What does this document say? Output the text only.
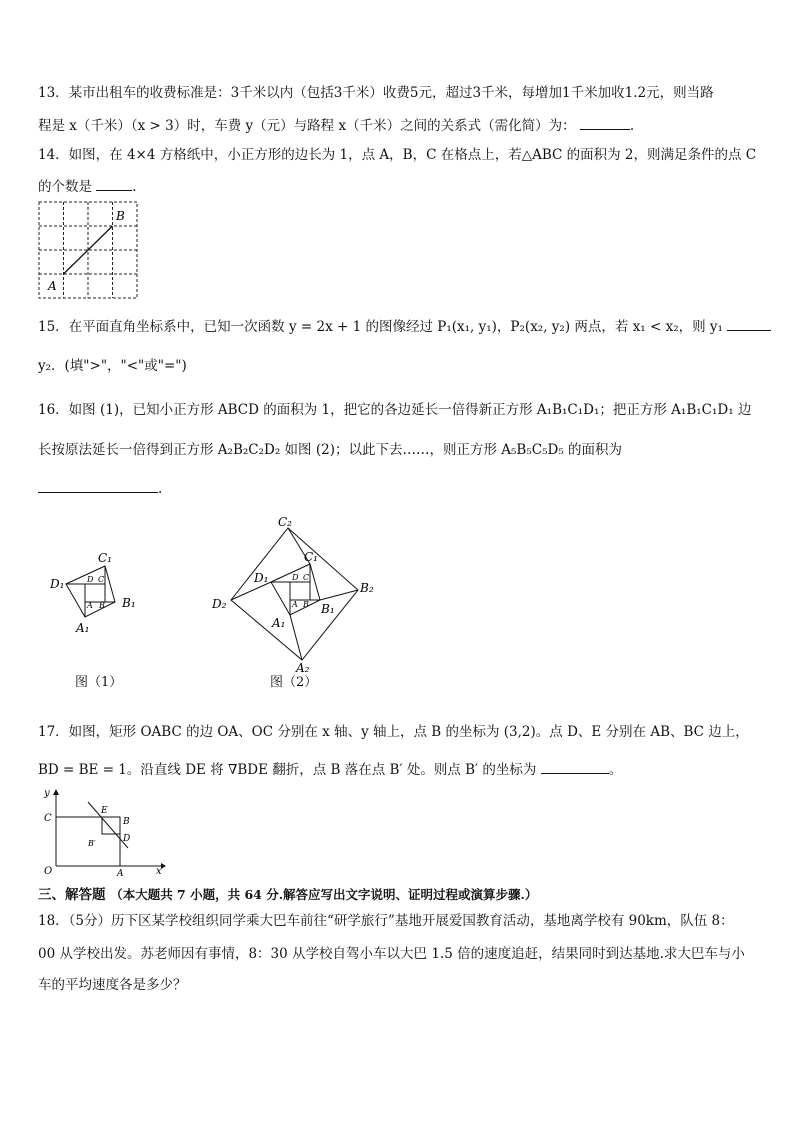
13．某市出租车的收费标准是：3千米以内（包括3千米）收费5元，超过3千米，每增加1千米加收1.2元，则当路
程是 x（千米）（x > 3）时，车费 y（元）与路程 x（千米）之间的关系式（需化简）为：	.
14．如图，在 4×4 方格纸中，小正方形的边长为 1，点 A，B，C 在格点上，若△ABC 的面积为 2，则满足条件的点 C
的个数是	.
A
B
15．在平面直角坐标系中，已知一次函数 y = 2x + 1 的图像经过 P₁(x₁, y₁)，P₂(x₂, y₂) 两点，若 x₁ < x₂，则 y₁
y₂．(填">"，"<"或"=")
16．如图 (1)，已知小正方形 ABCD 的面积为 1，把它的各边延长一倍得新正方形 A₁B₁C₁D₁；把正方形 A₁B₁C₁D₁ 边
长按原法延长一倍得到正方形 A₂B₂C₂D₂ 如图 (2)；以此下去……，则正方形 A₅B₅C₅D₅ 的面积为
.
D C
A B
D₁
C₁
B₁
A₁
图（1）
D C
A B
D₁
C₁
B₁
A₁
C₂
B₂
A₂
D₂
图（2）
17．如图，矩形 OABC 的边 OA、OC 分别在 x 轴、y 轴上，点 B 的坐标为 (3,2)。点 D、E 分别在 AB、BC 边上，
BD = BE = 1。沿直线 DE 将 ∇BDE 翻折，点 B 落在点 B′ 处。则点 B′ 的坐标为	。
y
x
O
C
E
B
D
B′
A
三、解答题 （本大题共 7 小题，共 64 分.解答应写出文字说明、证明过程或演算步骤.）
18．（5分）历下区某学校组织同学乘大巴车前往“研学旅行”基地开展爱国教育活动，基地离学校有 90km，队伍 8：
00 从学校出发。苏老师因有事情，8：30 从学校自驾小车以大巴 1.5 倍的速度追赶，结果同时到达基地.求大巴车与小
车的平均速度各是多少？
